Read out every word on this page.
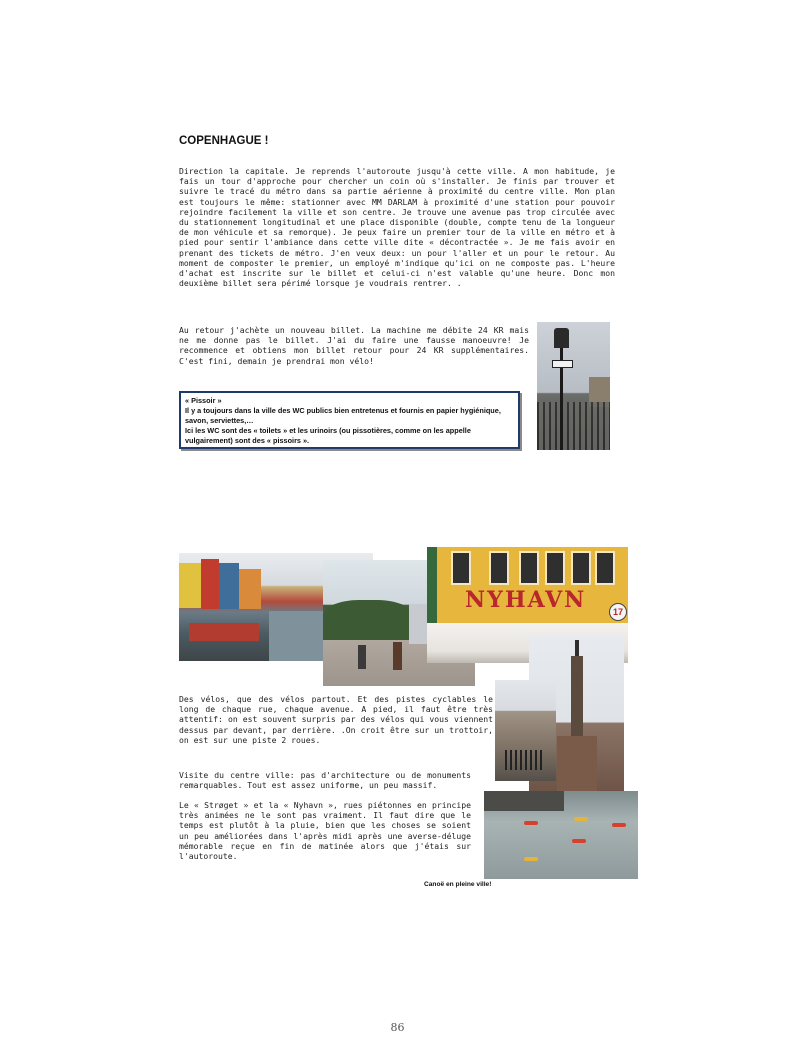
COPENHAGUE !

Direction la capitale. Je reprends l'autoroute jusqu'à cette ville. A mon habitude, je fais un tour d'approche pour chercher un coin où s'installer. Je finis par trouver et suivre le tracé du métro dans sa partie aérienne à proximité du centre ville. Mon plan est toujours le même: stationner avec MM DARLAM à proximité d'une station pour pouvoir rejoindre facilement la ville et son centre. Je trouve une avenue pas trop circulée avec du stationnement longitudinal et une place disponible (double, compte tenu de la longueur de mon véhicule et sa remorque). Je peux faire un premier tour de la ville en métro et à pied pour sentir l'ambiance dans cette ville dite « décontractée ». Je me fais avoir en prenant des tickets de métro. J'en veux deux: un pour l'aller et un pour le retour. Au moment de composter le premier, un employé m'indique qu'ici on ne composte pas. L'heure d'achat est inscrite sur le billet et celui-ci n'est valable qu'une heure. Donc mon deuxième billet sera périmé lorsque je voudrais rentrer. .

Au retour j'achète un nouveau billet. La machine me débite 24 KR mais ne me donne pas le billet. J'ai du faire une fausse manoeuvre! Je recommence et obtiens mon billet retour pour 24 KR supplémentaires. C'est fini, demain je prendrai mon vélo!

« Pissoir »

Il y a toujours dans la ville des WC publics bien entretenus et fournis en papier hygiénique, savon, serviettes,…

Ici les WC sont des « toilets » et les urinoirs (ou pissotières, comme on les appelle vulgairement) sont des « pissoirs ».

NYHAVN	17

Des vélos, que des vélos partout. Et des pistes cyclables le long de chaque rue, chaque avenue. A pied, il faut être très attentif: on est souvent surpris par des vélos qui vous viennent dessus par devant, par derrière. .On croit être sur un trottoir, on est sur une piste 2 roues.

Visite du centre ville: pas d'architecture ou de monuments remarquables. Tout est assez uniforme, un peu massif.

Le « Strøget » et la « Nyhavn », rues piétonnes en principe très animées ne le sont pas vraiment. Il faut dire que le temps est plutôt à la pluie, bien que les choses se soient un peu améliorées dans l'après midi après une averse-déluge mémorable reçue en fin de matinée alors que j'étais sur l'autoroute.

Canoë en pleine ville!
86
